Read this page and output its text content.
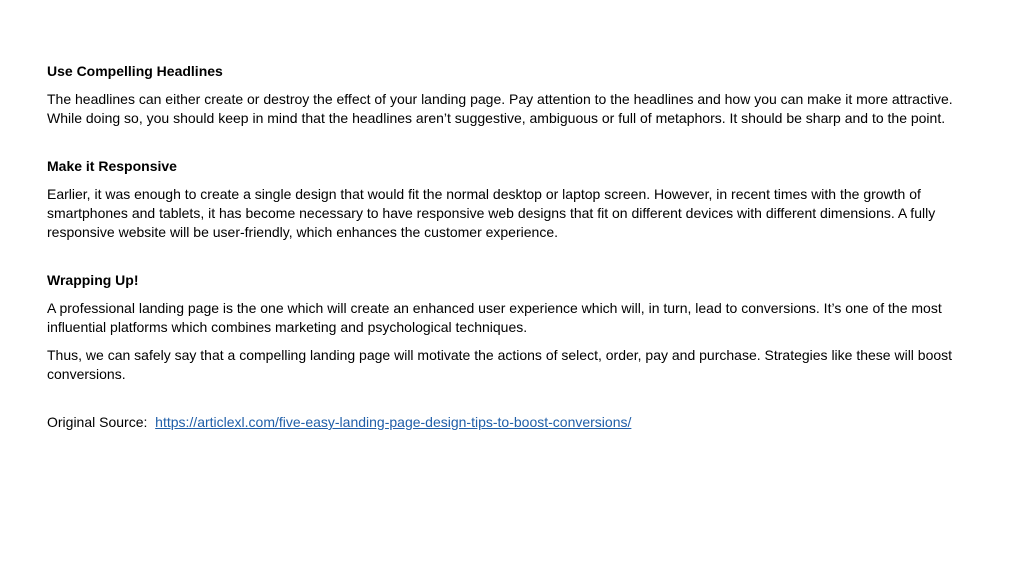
Use Compelling Headlines
The headlines can either create or destroy the effect of your landing page. Pay attention to the headlines and how you can make it more attractive. While doing so, you should keep in mind that the headlines aren’t suggestive, ambiguous or full of metaphors. It should be sharp and to the point.
Make it Responsive
Earlier, it was enough to create a single design that would fit the normal desktop or laptop screen. However, in recent times with the growth of smartphones and tablets, it has become necessary to have responsive web designs that fit on different devices with different dimensions. A fully responsive website will be user-friendly, which enhances the customer experience.
Wrapping Up!
A professional landing page is the one which will create an enhanced user experience which will, in turn, lead to conversions. It’s one of the most influential platforms which combines marketing and psychological techniques.
Thus, we can safely say that a compelling landing page will motivate the actions of select, order, pay and purchase. Strategies like these will boost conversions.
Original Source: https://articlexl.com/five-easy-landing-page-design-tips-to-boost-conversions/
